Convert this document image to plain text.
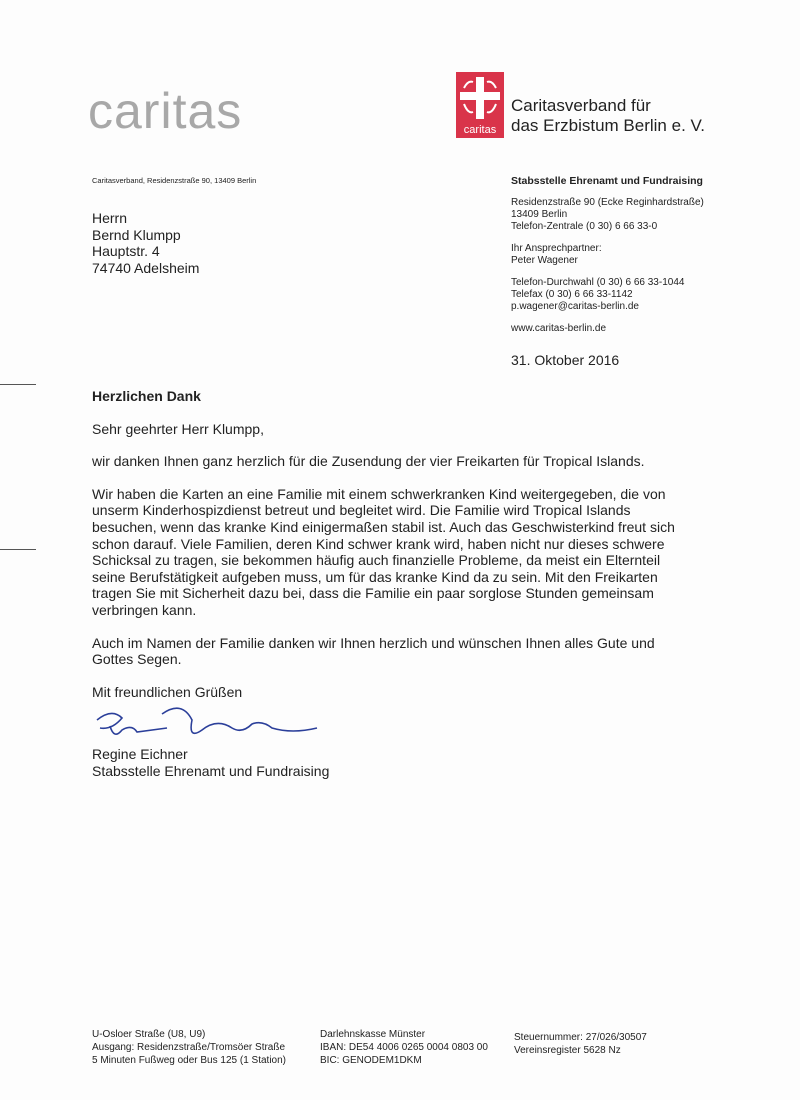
caritas
Caritasverband, Residenzstraße 90, 13409 Berlin
Herrn
Bernd Klumpp
Hauptstr. 4
74740 Adelsheim
caritas
Caritasverband für
das Erzbistum Berlin e. V.
Stabsstelle Ehrenamt und Fundraising
Residenzstraße 90 (Ecke Reginhardstraße)
13409 Berlin
Telefon-Zentrale (0 30) 6 66 33-0
Ihr Ansprechpartner:
Peter Wagener
Telefon-Durchwahl (0 30) 6 66 33-1044
Telefax (0 30) 6 66 33-1142
p.wagener@caritas-berlin.de
www.caritas-berlin.de
31. Oktober 2016

Herzlichen Dank

Sehr geehrter Herr Klumpp,

wir danken Ihnen ganz herzlich für die Zusendung der vier Freikarten für Tropical Islands.

Wir haben die Karten an eine Familie mit einem schwerkranken Kind weitergegeben, die von unserm Kinderhospizdienst betreut und begleitet wird. Die Familie wird Tropical Islands besuchen, wenn das kranke Kind einigermaßen stabil ist. Auch das Geschwisterkind freut sich schon darauf. Viele Familien, deren Kind schwer krank wird, haben nicht nur dieses schwere Schicksal zu tragen, sie bekommen häufig auch finanzielle Probleme, da meist ein Elternteil seine Berufstätigkeit aufgeben muss, um für das kranke Kind da zu sein. Mit den Freikarten tragen Sie mit Sicherheit dazu bei, dass die Familie ein paar sorglose Stunden gemeinsam verbringen kann.

Auch im Namen der Familie danken wir Ihnen herzlich und wünschen Ihnen alles Gute und Gottes Segen.

Mit freundlichen Grüßen
Regine Eichner
Stabsstelle Ehrenamt und Fundraising
U-Osloer Straße (U8, U9)
Ausgang: Residenzstraße/Tromsöer Straße
5 Minuten Fußweg oder Bus 125 (1 Station)
Darlehnskasse Münster
IBAN: DE54 4006 0265 0004 0803 00
BIC: GENODEM1DKM
Steuernummer: 27/026/30507
Vereinsregister 5628 Nz
